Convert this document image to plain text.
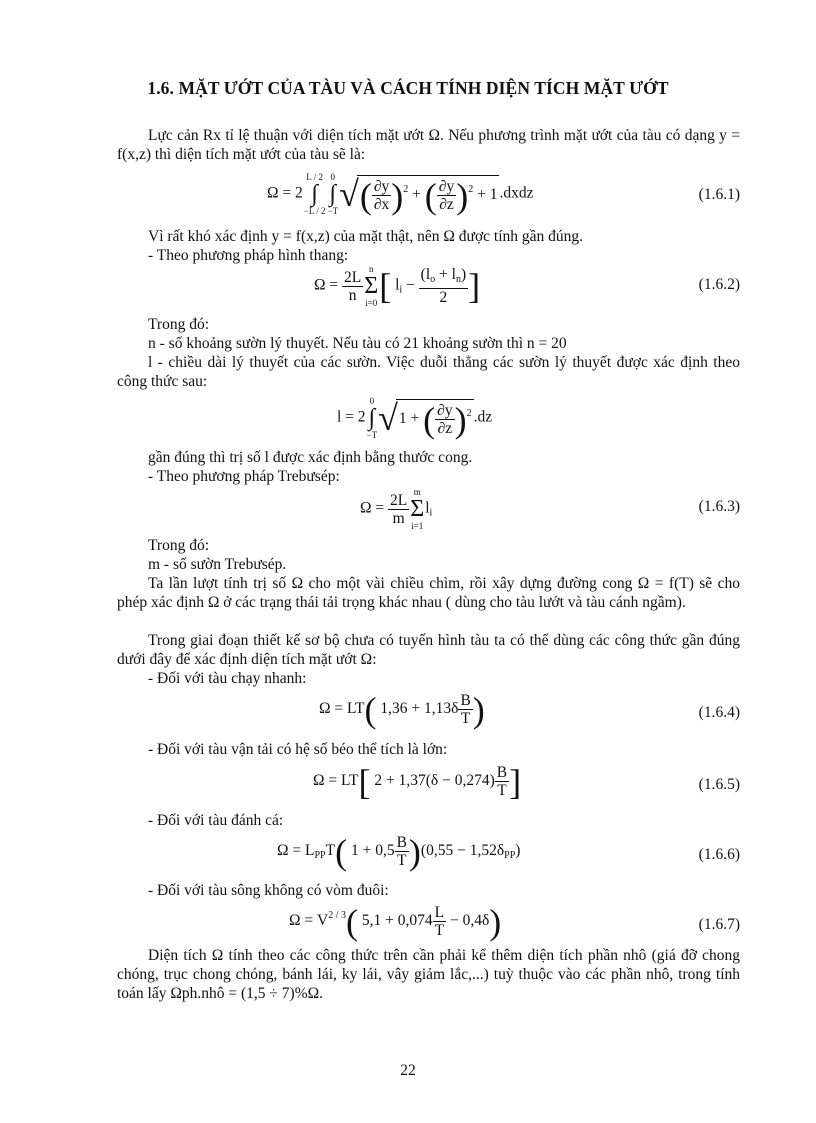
1.6. MẶT ƯỚT CỦA TÀU VÀ CÁCH TÍNH DIỆN TÍCH MẶT ƯỚT

Lực cản Rx tỉ lệ thuận với diện tích mặt ướt Ω. Nếu phương trình mặt ướt của tàu có dạng y = f(x,z) thì diện tích mặt ướt của tàu sẽ là:

Ω = 2L / 2
∫
−L / 20
∫
$-T√( \frac{\partial y}{\partial x} )^2$ + ( $\frac{\partial y}{\partial z} )^2 + 1$ .dxdz	(1.6.1)

Vì rất khó xác định y = f(x,z) của mặt thật, nên Ω được tính gần đúng.

- Theo phương pháp hình thang:

$\Omega = \frac{2L}{n}$ n
Σ
i=0[ $l_i - \frac{(l_o + l_n)}{2}$ ]	(1.6.2)

Trong đó:

n - số khoảng sườn lý thuyết. Nếu tàu có 21 khoảng sườn thì n = 20

l - chiều dài lý thuyết của các sườn. Việc duỗi thẳng các sườn lý thuyết được xác định theo công thức sau:

l = 20
∫
−T√1 + ( $\frac{\partial y}{\partial z} )^2$ .dz

gần đúng thì trị số l được xác định bằng thước cong.

- Theo phương pháp Trebưsép:

$\Omega = \frac{2L}{m}$ m
Σ
$i=1l_i$	(1.6.3)

Trong đó:

m - số sườn Trebưsép.

Ta lần lượt tính trị số Ω cho một vài chiều chìm, rồi xây dựng đường cong Ω = f(T) sẽ cho phép xác định Ω ở các trạng thái tải trọng khác nhau ( dùng cho tàu lướt và tàu cánh ngầm).

Trong giai đoạn thiết kế sơ bộ chưa có tuyến hình tàu ta có thể dùng các công thức gần đúng dưới đây để xác định diện tích mặt ướt Ω:

- Đối với tàu chạy nhanh:

Ω = LT( $1,36 + 1,13\delta \frac{B}{T}$ )	(1.6.4)

- Đối với tàu vận tải có hệ số béo thể tích là lớn:

Ω = LT[ $2 + 1,37(\delta - 0,274) \frac{B}{T}$ ]	(1.6.5)

- Đối với tàu đánh cá:

$\Omega = L_{PP}T$( $1 + 0,5 \frac{B}{T} )(0,55 - 1,52\delta_{PP})$	(1.6.6)

- Đối với tàu sông không có vòm đuôi:

$\Omega = V^{2 / 3}$( $5,1 + 0,074 \frac{L}{T} - 0,4\delta$)	(1.6.7)

Diện tích Ω tính theo các công thức trên cần phải kể thêm diện tích phần nhô (giá đỡ chong chóng, trục chong chóng, bánh lái, ky lái, vây giảm lắc,...) tuỳ thuộc vào các phần nhô, trong tính toán lấy Ωph.nhô = (1,5 ÷ 7)%Ω.

22
